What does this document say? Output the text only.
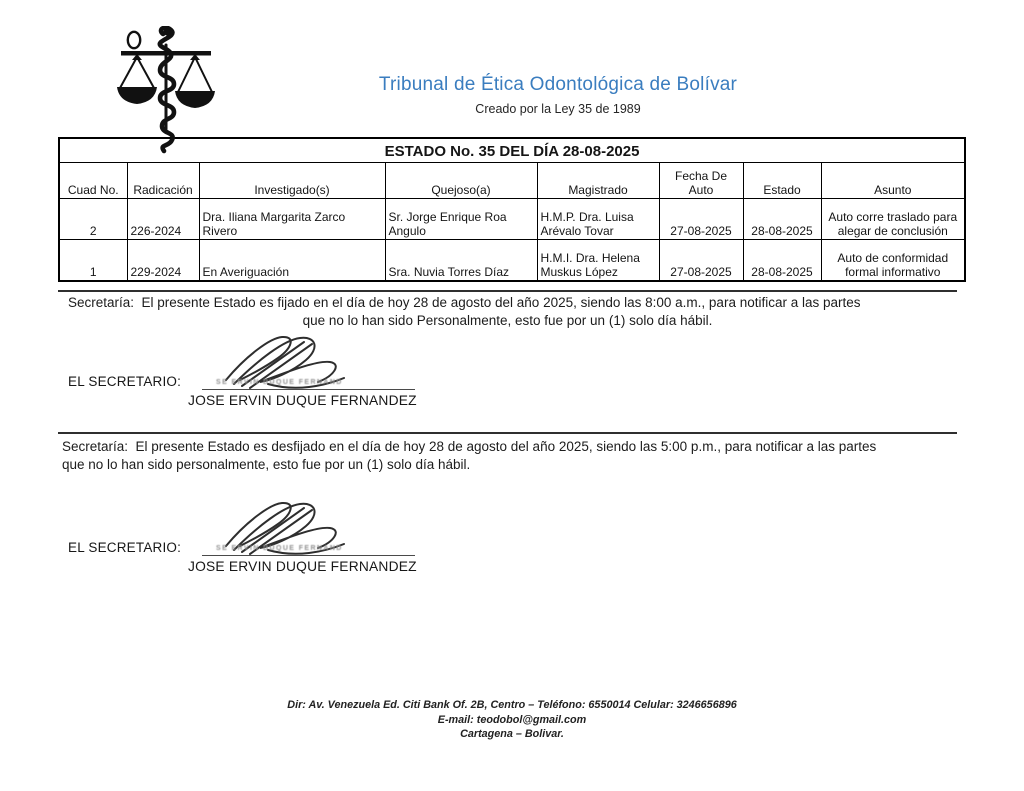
Tribunal de Ética Odontológica de Bolívar
Creado por la Ley 35 de 1989
ESTADO No. 35 DEL DÍA 28-08-2025							
Cuad No.	Radicación	Investigado(s)	Quejoso(a)	Magistrado	Fecha De Auto	Estado	Asunto
2	226-2024	Dra. Iliana Margarita Zarco Rivero	Sr. Jorge Enrique Roa Angulo	H.M.P. Dra. Luisa Arévalo Tovar	27-08-2025	28-08-2025	Auto corre traslado para alegar de conclusión
1	229-2024	En Averiguación	Sra. Nuvia Torres Díaz	H.M.I. Dra. Helena Muskus López	27-08-2025	28-08-2025	Auto de conformidad formal informativo
Secretaría:  El presente Estado es fijado en el día de hoy 28 de agosto del año 2025, siendo las 8:00 a.m., para notificar a las partes
que no lo han sido Personalmente, esto fue por un (1) solo día hábil.
EL SECRETARIO:	SE ERVIN DUQUE FERNAND
JOSE ERVIN DUQUE FERNANDEZ
Secretaría:  El presente Estado es desfijado en el día de hoy 28 de agosto del año 2025, siendo las 5:00 p.m., para notificar a las partes
que no lo han sido personalmente, esto fue por un (1) solo día hábil.
EL SECRETARIO:	SE ERVIN DUQUE FERNAND
JOSE ERVIN DUQUE FERNANDEZ
Dir: Av. Venezuela Ed. Citi Bank Of. 2B, Centro – Teléfono: 6550014 Celular: 3246656896
E-mail: teodobol@gmail.com
Cartagena – Bolivar.
